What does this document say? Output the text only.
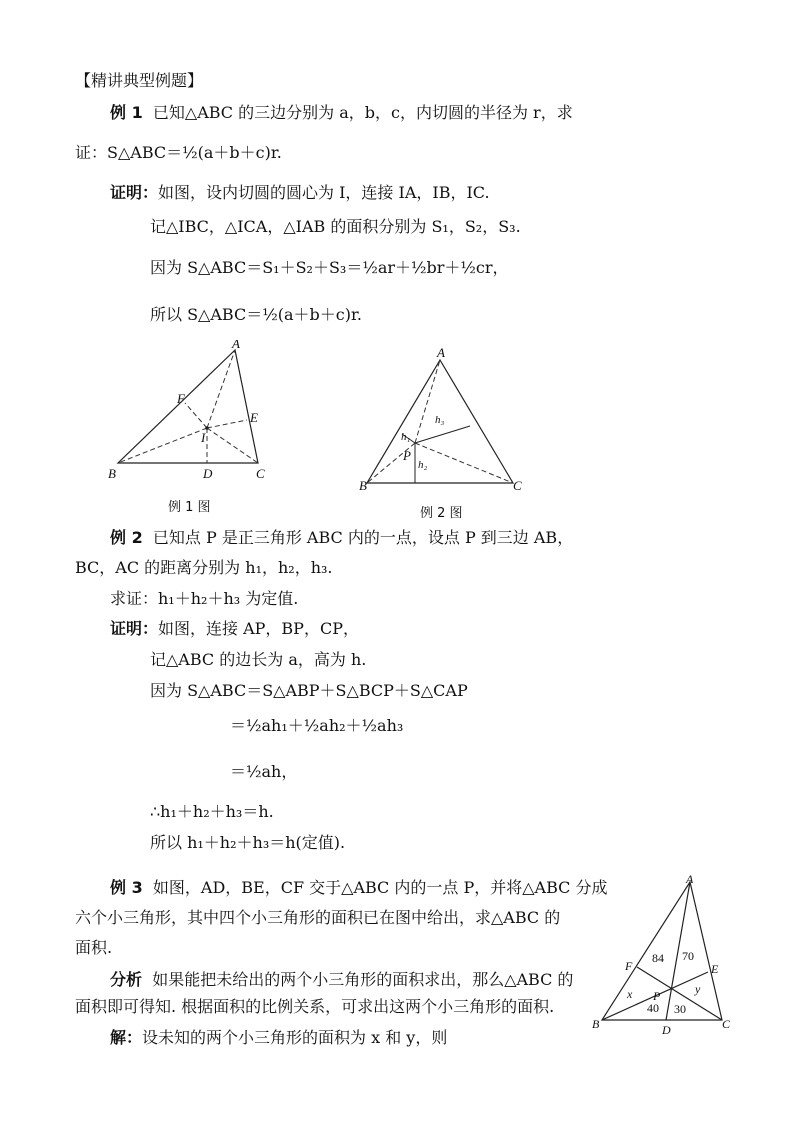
【精讲典型例题】
例 1 已知△ABC 的三边分别为 a，b，c，内切圆的半径为 r，求
证：S△ABC＝½(a＋b＋c)r.
证明：如图，设内切圆的圆心为 I，连接 IA，IB，IC.
记△IBC，△ICA，△IAB 的面积分别为 S₁，S₂，S₃.
因为 S△ABC＝S₁＋S₂＋S₃＝½ar＋½br＋½cr，
所以 S△ABC＝½(a＋b＋c)r.
A
B	C
D
E
F
I
例 1 图
A
B	C
P
h₁
h₂
h₃
例 2 图
例 2 已知点 P 是正三角形 ABC 内的一点，设点 P 到三边 AB，
BC，AC 的距离分别为 h₁，h₂，h₃.
求证：h₁＋h₂＋h₃ 为定值.
证明：如图，连接 AP，BP，CP，
记△ABC 的边长为 a，高为 h.
因为 S△ABC＝S△ABP＋S△BCP＋S△CAP
＝½ah₁＋½ah₂＋½ah₃
＝½ah，
∴h₁＋h₂＋h₃＝h.
所以 h₁＋h₂＋h₃＝h(定值).
例 3 如图，AD，BE，CF 交于△ABC 内的一点 P，并将△ABC 分成
六个小三角形，其中四个小三角形的面积已在图中给出，求△ABC 的
面积.
分析 如果能把未给出的两个小三角形的面积求出，那么△ABC 的
面积即可得知. 根据面积的比例关系，可求出这两个小三角形的面积.
解：设未知的两个小三角形的面积为 x 和 y，则
A
B	C
D
E
F
P
84 70
40 30
x	y
